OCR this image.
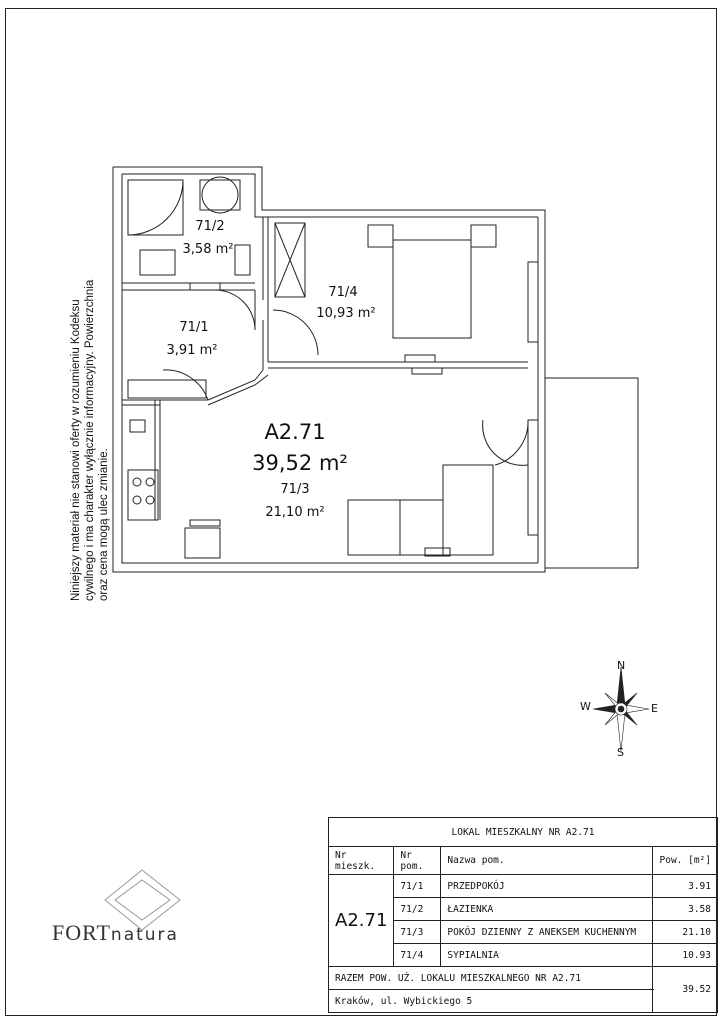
Niniejszy materiał nie stanowi oferty w rozumieniu Kodeksu cywilnego i ma charakter wyłącznie informacyjny. Powierzchnia oraz cena mogą ulec zmianie.
71/2
3,58 m²
71/1
3,91 m²
71/4
10,93 m²
A2.71
39,52 m²
71/3
21,10 m²
N
S
E
W
FORTnatura
LOKAL MIESZKALNY NR A2.71			
Nr mieszk.	Nr pom.	Nazwa pom.	Pow. [m²]
A2.71	71/1	PRZEDPOKÓJ	3.91
	71/2	ŁAZIENKA	3.58
	71/3	POKÓJ DZIENNY Z ANEKSEM KUCHENNYM	21.10
	71/4	SYPIALNIA	10.93
RAZEM POW. UŻ. LOKALU MIESZKALNEGO NR A2.71			39.52
Kraków, ul. Wybickiego 5			
